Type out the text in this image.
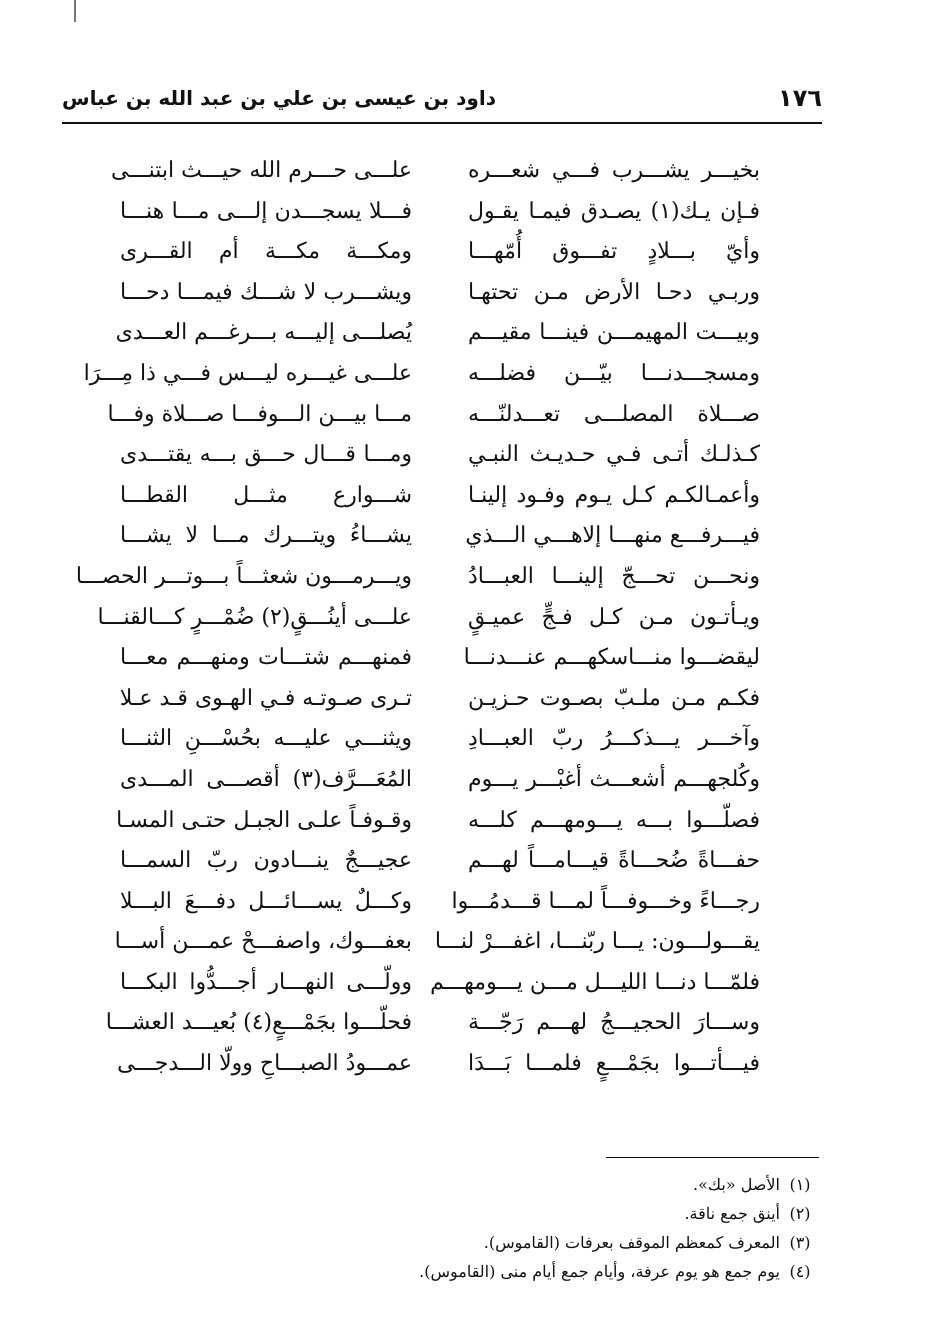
١٧٦
داود بن عيسى بن علي بن عبد الله بن عباس
بخيـــر يشـــرب فـــي شعـــره
علـــى حـــرم الله حيـــث ابتنـــى
فـإن يـك(١) يصـدق فيمـا يقـول
فـــلا يسجـــدن إلـــى مـــا هنـــا
وأيّ بـــلادٍ تفـــوق أُمّهـــا
ومكـــة مكـــة أم القـــرى
وربـي دحـا الأرض مـن تحتهـا
ويشـــرب لا شـــك فيمـــا دحـــا
وبيـــت المهيمـــن فينـــا مقيـــم
يُصلـــى إليـــه بـــرغـــم العـــدى
ومسجـــدنـــا بيّـــن فضلـــه
علـــى غيـــره ليـــس فـــي ذا مِـــرَا
صـــلاة المصلـــى تعـــدلنّـــه
مـــا بيـــن الـــوفـــا صـــلاة وفـــا
كـذلـك أتـى فـي حـديـث النبـي
ومـــا قـــال حـــق بـــه يقتـــدى
وأعمـالكـم كـل يـوم وفـود إلينـا
شـــوارع مثـــل القطـــا
فيـــرفـــع منهـــا إلاهـــي الـــذي
يشـــاءُ ويتـــرك مـــا لا يشـــا
ونحـــن تحـــجّ إلينـــا العبـــادُ
ويـــرمـــون شعثـــاً بـــوتـــر الحصـــا
ويـأتـون مـن كـل فـجٍّ عميـقٍ
علـــى أينُـــقٍ(٢) ضُمْـــرٍ كـــالقنـــا
ليقضـــوا منـــاسكهـــم عنـــدنـــا
فمنهـــم شتـــات ومنهـــم معـــا
فكـم مـن ملـبّ بصـوت حـزيـن
تـرى صـوتـه فـي الهـوى قـد عـلا
وآخـــر يـــذكـــرُ ربّ العبـــادِ
ويثنـــي عليـــه بحُسْـــنِ الثنـــا
وكُلجهـــم أشعـــث أغبْـــر يـــوم
المُعَـــرَّف(٣) أقصـــى المـــدى
فصلّـــوا بـــه يـــومهـــم كلـــه
وقـوفـاً علـى الجبـل حتـى المسـا
حفـــاةً ضُحـــاةً قيـــامـــاً لهـــم
عجيـــجٌ ينـــادون ربّ السمـــا
رجـــاءً وخـــوفـــاً لمـــا قـــدمُـــوا
وكـــلٌ يســـائـــل دفـــعَ البـــلا
يقـــولـــون: يـــا ربّنـــا، اغفـــرْ لنـــا
بعفـــوك، واصفـــحْ عمـــن أســـا
فلمّـــا دنـــا الليـــل مـــن يـــومهـــم
وولّـــى النهـــار أجـــدُّوا البكـــا
وســـارَ الحجيـــجُ لهـــم رَجّـــة
فحلّـــوا بجَمْـــعٍ(٤) بُعيـــد العشـــا
فيـــأتـــوا بجَمْـــعٍ فلمـــا بَـــدَا
عمـــودُ الصبـــاحِ وولّا الـــدجـــى
(١)الأصل «بك».
(٢)أينق جمع ناقة.
(٣)المعرف كمعظم الموقف بعرفات (القاموس).
(٤)يوم جمع هو يوم عرفة، وأيام جمع أيام منى (القاموس).
